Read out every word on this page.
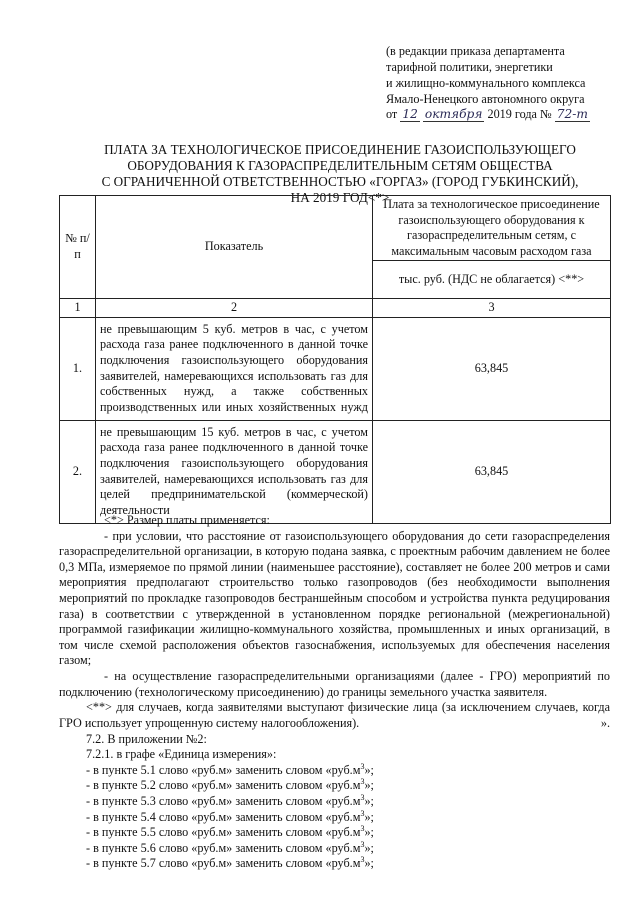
(в редакции приказа департамента
тарифной политики, энергетики
и жилищно-коммунального комплекса
Ямало-Ненецкого автономного округа
от 12 октября 2019 года № 72-т
ПЛАТА ЗА ТЕХНОЛОГИЧЕСКОЕ ПРИСОЕДИНЕНИЕ ГАЗОИСПОЛЬЗУЮЩЕГО
ОБОРУДОВАНИЯ К ГАЗОРАСПРЕДЕЛИТЕЛЬНЫМ СЕТЯМ ОБЩЕСТВА
С ОГРАНИЧЕННОЙ ОТВЕТСТВЕННОСТЬЮ «ГОРГАЗ» (ГОРОД ГУБКИНСКИЙ),
НА 2019 ГОД<*>
№ п/п	Показатель	Плата за технологическое присоединение газоиспользующего оборудования к газораспределительным сетям, с максимальным часовым расходом газа
		тыс. руб. (НДС не облагается) <**>
1	2	3
1.	не превышающим 5 куб. метров в час, с учетом расхода газа ранее подключенного в данной точке подключения газоиспользующего оборудования заявителей, намеревающихся использовать газ для собственных нужд, а также собственных производственных или иных хозяйственных нужд	63,845
2.	не превышающим 15 куб. метров в час, с учетом расхода газа ранее подключенного в данной точке подключения газоиспользующего оборудования заявителей, намеревающихся использовать газ для целей предпринимательской (коммерческой) деятельности	63,845

<*> Размер платы применяется:

- при условии, что расстояние от газоиспользующего оборудования до сети газораспределения газораспределительной организации, в которую подана заявка, с проектным рабочим давлением не более 0,3 МПа, измеряемое по прямой линии (наименьшее расстояние), составляет не более 200 метров и сами мероприятия предполагают строительство только газопроводов (без необходимости выполнения мероприятий по прокладке газопроводов бестраншейным способом и устройства пункта редуцирования газа) в соответствии с утвержденной в установленном порядке региональной (межрегиональной) программой газификации жилищно-коммунального хозяйства, промышленных и иных организаций, в том числе схемой расположения объектов газоснабжения, используемых для обеспечения населения газом;

- на осуществление газораспределительными организациями (далее - ГРО) мероприятий по подключению (технологическому присоединению) до границы земельного участка заявителя.

<**> для случаев, когда заявителями выступают физические лица (за исключением случаев, когда ГРО использует упрощенную систему налогообложения).	».

7.2. В приложении №2:

7.2.1. в графе «Единица измерения»:

- в пункте 5.1 слово «руб.м» заменить словом «$руб.м^3$»;
- в пункте 5.2 слово «руб.м» заменить словом «$руб.м^3$»;
- в пункте 5.3 слово «руб.м» заменить словом «$руб.м^3$»;
- в пункте 5.4 слово «руб.м» заменить словом «$руб.м^3$»;
- в пункте 5.5 слово «руб.м» заменить словом «$руб.м^3$»;
- в пункте 5.6 слово «руб.м» заменить словом «$руб.м^3$»;
- в пункте 5.7 слово «руб.м» заменить словом «$руб.м^3$»;
